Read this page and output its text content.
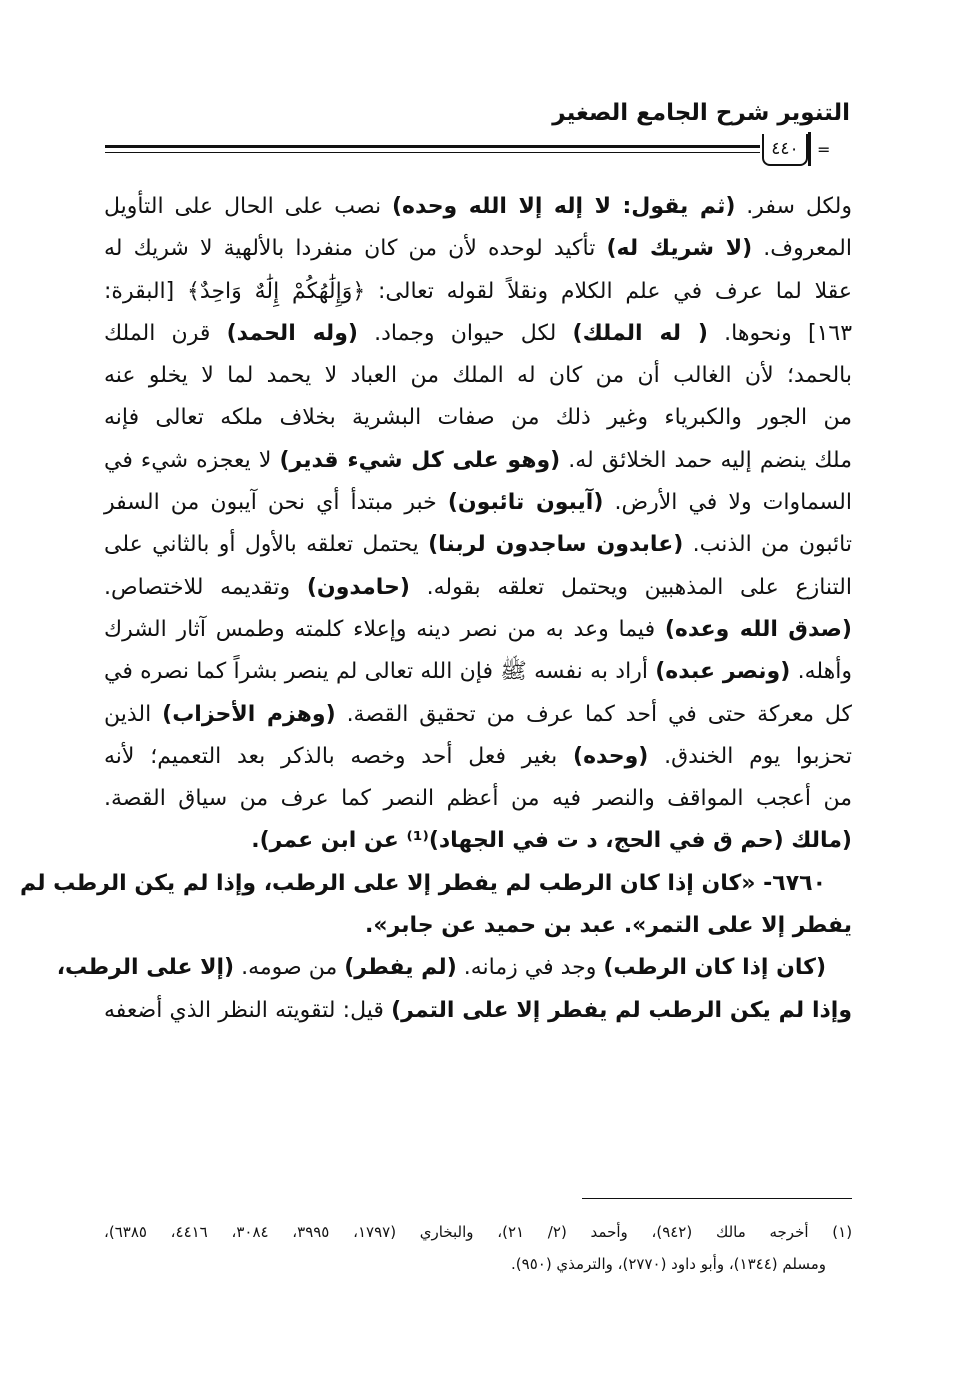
التنوير شرح الجامع الصغير
٤٤٠	=
ولكل سفر. (ثم يقول: لا إله إلا الله وحده) نصب على الحال على التأويل
المعروف. (لا شريك له) تأكيد لوحده لأن من كان منفردا بالألهية لا شريك له
عقلا لما عرف في علم الكلام ونقلاً لقوله تعالى: ﴿وَإِلَٰهُكُمْ إِلَٰهٌ وَاحِدٌ﴾ [البقرة:
١٦٣] ونحوها. ( له الملك) لكل حيوان وجماد. (وله الحمد) قرن الملك
بالحمد؛ لأن الغالب أن من كان له الملك من العباد لا يحمد لما لا يخلو عنه
من الجور والكبرياء وغير ذلك من صفات البشرية بخلاف ملكه تعالى فإنه
ملك ينضم إليه حمد الخلائق له. (وهو على كل شيء قدير) لا يعجزه شيء في
السماوات ولا في الأرض. (آيبون تائبون) خبر مبتدأ أي نحن آيبون من السفر
تائبون من الذنب. (عابدون ساجدون لربنا) يحتمل تعلقه بالأول أو بالثاني على
التنازع على المذهبين ويحتمل تعلقه بقوله. (حامدون) وتقديمه للاختصاص.
(صدق الله وعده) فيما وعد به من نصر دينه وإعلاء كلمته وطمس آثار الشرك
وأهله. (ونصر عبده) أراد به نفسه ﷺ فإن الله تعالى لم ينصر بشراً كما نصره في
كل معركة حتى في أحد كما عرف من تحقيق القصة. (وهزم الأحزاب) الذين
تحزبوا يوم الخندق. (وحده) بغير فعل أحد وخصه بالذكر بعد التعميم؛ لأنه
من أعجب المواقف والنصر فيه من أعظم النصر كما عرف من سياق القصة.
(مالك (حم ق في الحج، د ت في الجهاد)⁽¹⁾ عن ابن عمر).
٦٧٦٠- «كان إذا كان الرطب لم يفطر إلا على الرطب، وإذا لم يكن الرطب لم
يفطر إلا على التمر». عبد بن حميد عن جابر».
(كان إذا كان الرطب) وجد في زمانه. (لم يفطر) من صومه. (إلا على الرطب،
وإذا لم يكن الرطب لم يفطر إلا على التمر) قيل: لتقويته النظر الذي أضعفه
(١) أخرجه مالك (٩٤٢)، وأحمد (٢/ ٢١)، والبخاري (١٧٩٧، ٣٩٩٥، ٣٠٨٤، ٤٤١٦، ٦٣٨٥)،
ومسلم (١٣٤٤)، وأبو داود (٢٧٧٠)، والترمذي (٩٥٠).
